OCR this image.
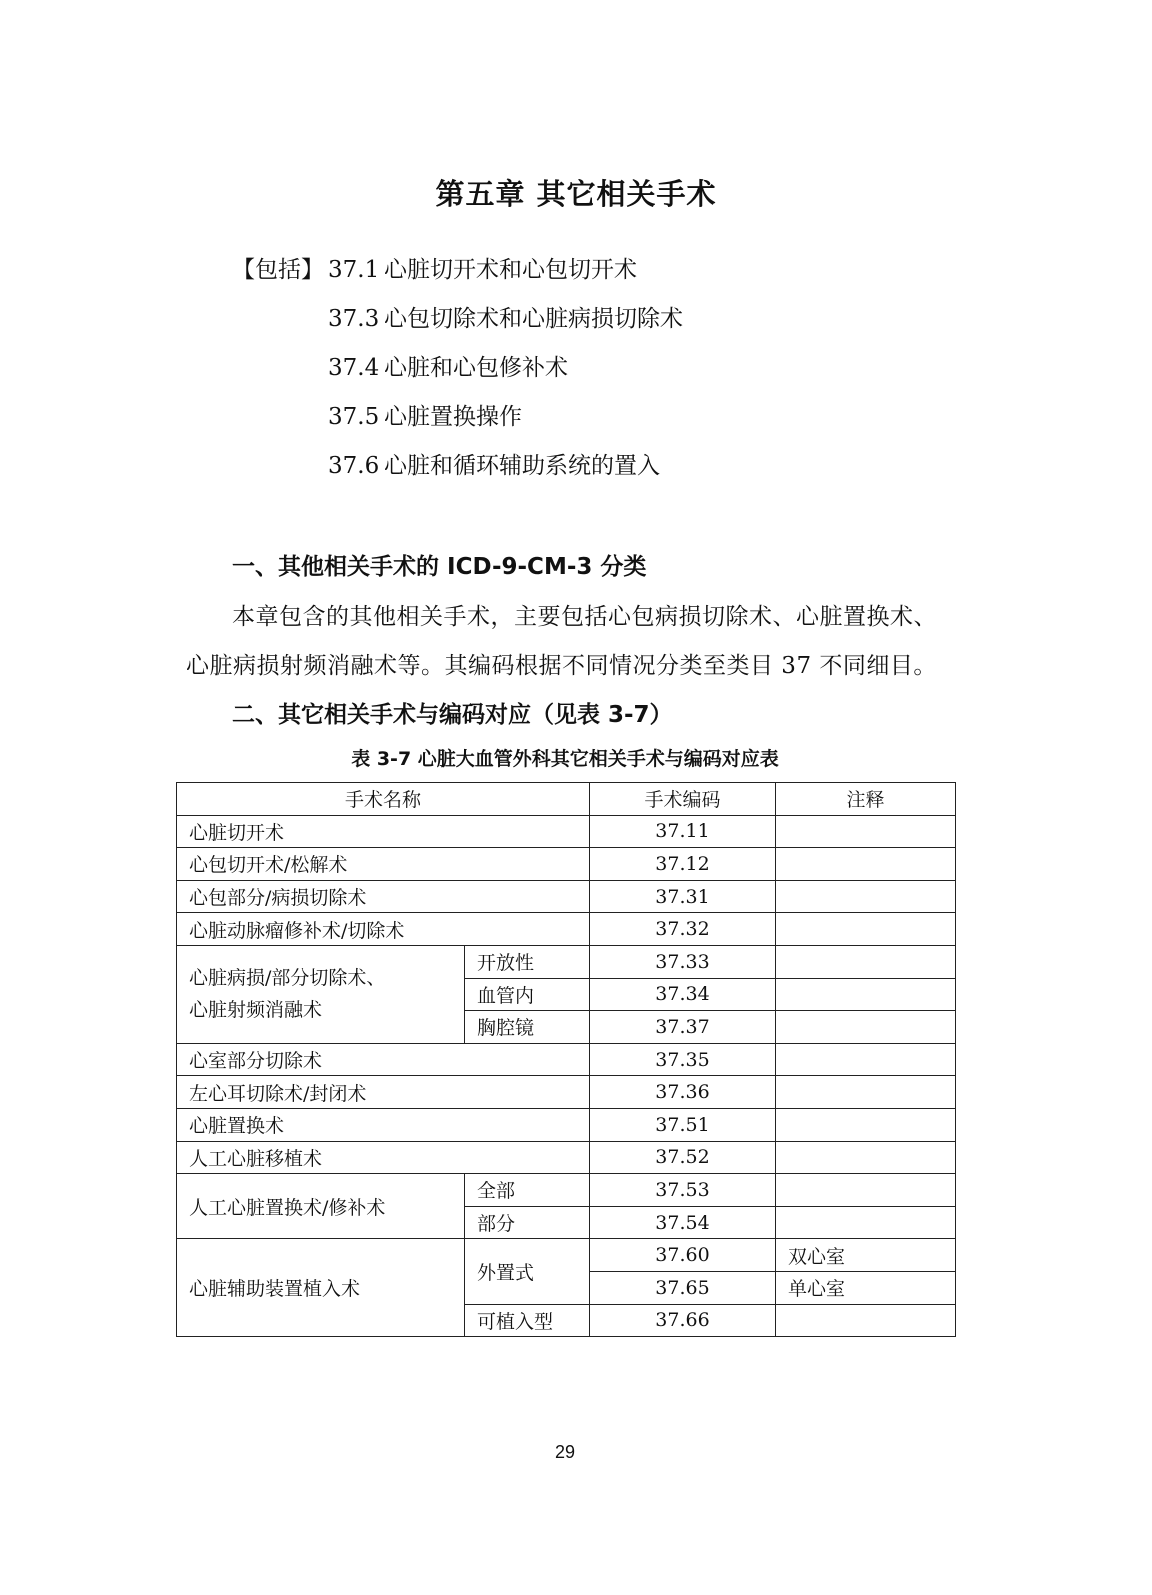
第五章 其它相关手术
【包括】 37.1 心脏切开术和心包切开术
37.3 心包切除术和心脏病损切除术
37.4 心脏和心包修补术
37.5 心脏置换操作
37.6 心脏和循环辅助系统的置入
一、其他相关手术的 ICD-9-CM-3 分类
本章包含的其他相关手术，主要包括心包病损切除术、心脏置换术、
心脏病损射频消融术等。其编码根据不同情况分类至类目 37 不同细目。
二、其它相关手术与编码对应（见表 3-7）
表 3-7 心脏大血管外科其它相关手术与编码对应表
手术名称		手术编码	注释
心脏切开术		37.11	
心包切开术/松解术		37.12	
心包部分/病损切除术		37.31	
心脏动脉瘤修补术/切除术		37.32	
心脏病损/部分切除术、
心脏射频消融术	开放性	37.33	
	血管内	37.34	
	胸腔镜	37.37	
心室部分切除术		37.35	
左心耳切除术/封闭术		37.36	
心脏置换术		37.51	
人工心脏移植术		37.52	
人工心脏置换术/修补术	全部	37.53	
	部分	37.54	
心脏辅助装置植入术	外置式	37.60	双心室
		37.65	单心室
	可植入型	37.66	
29
